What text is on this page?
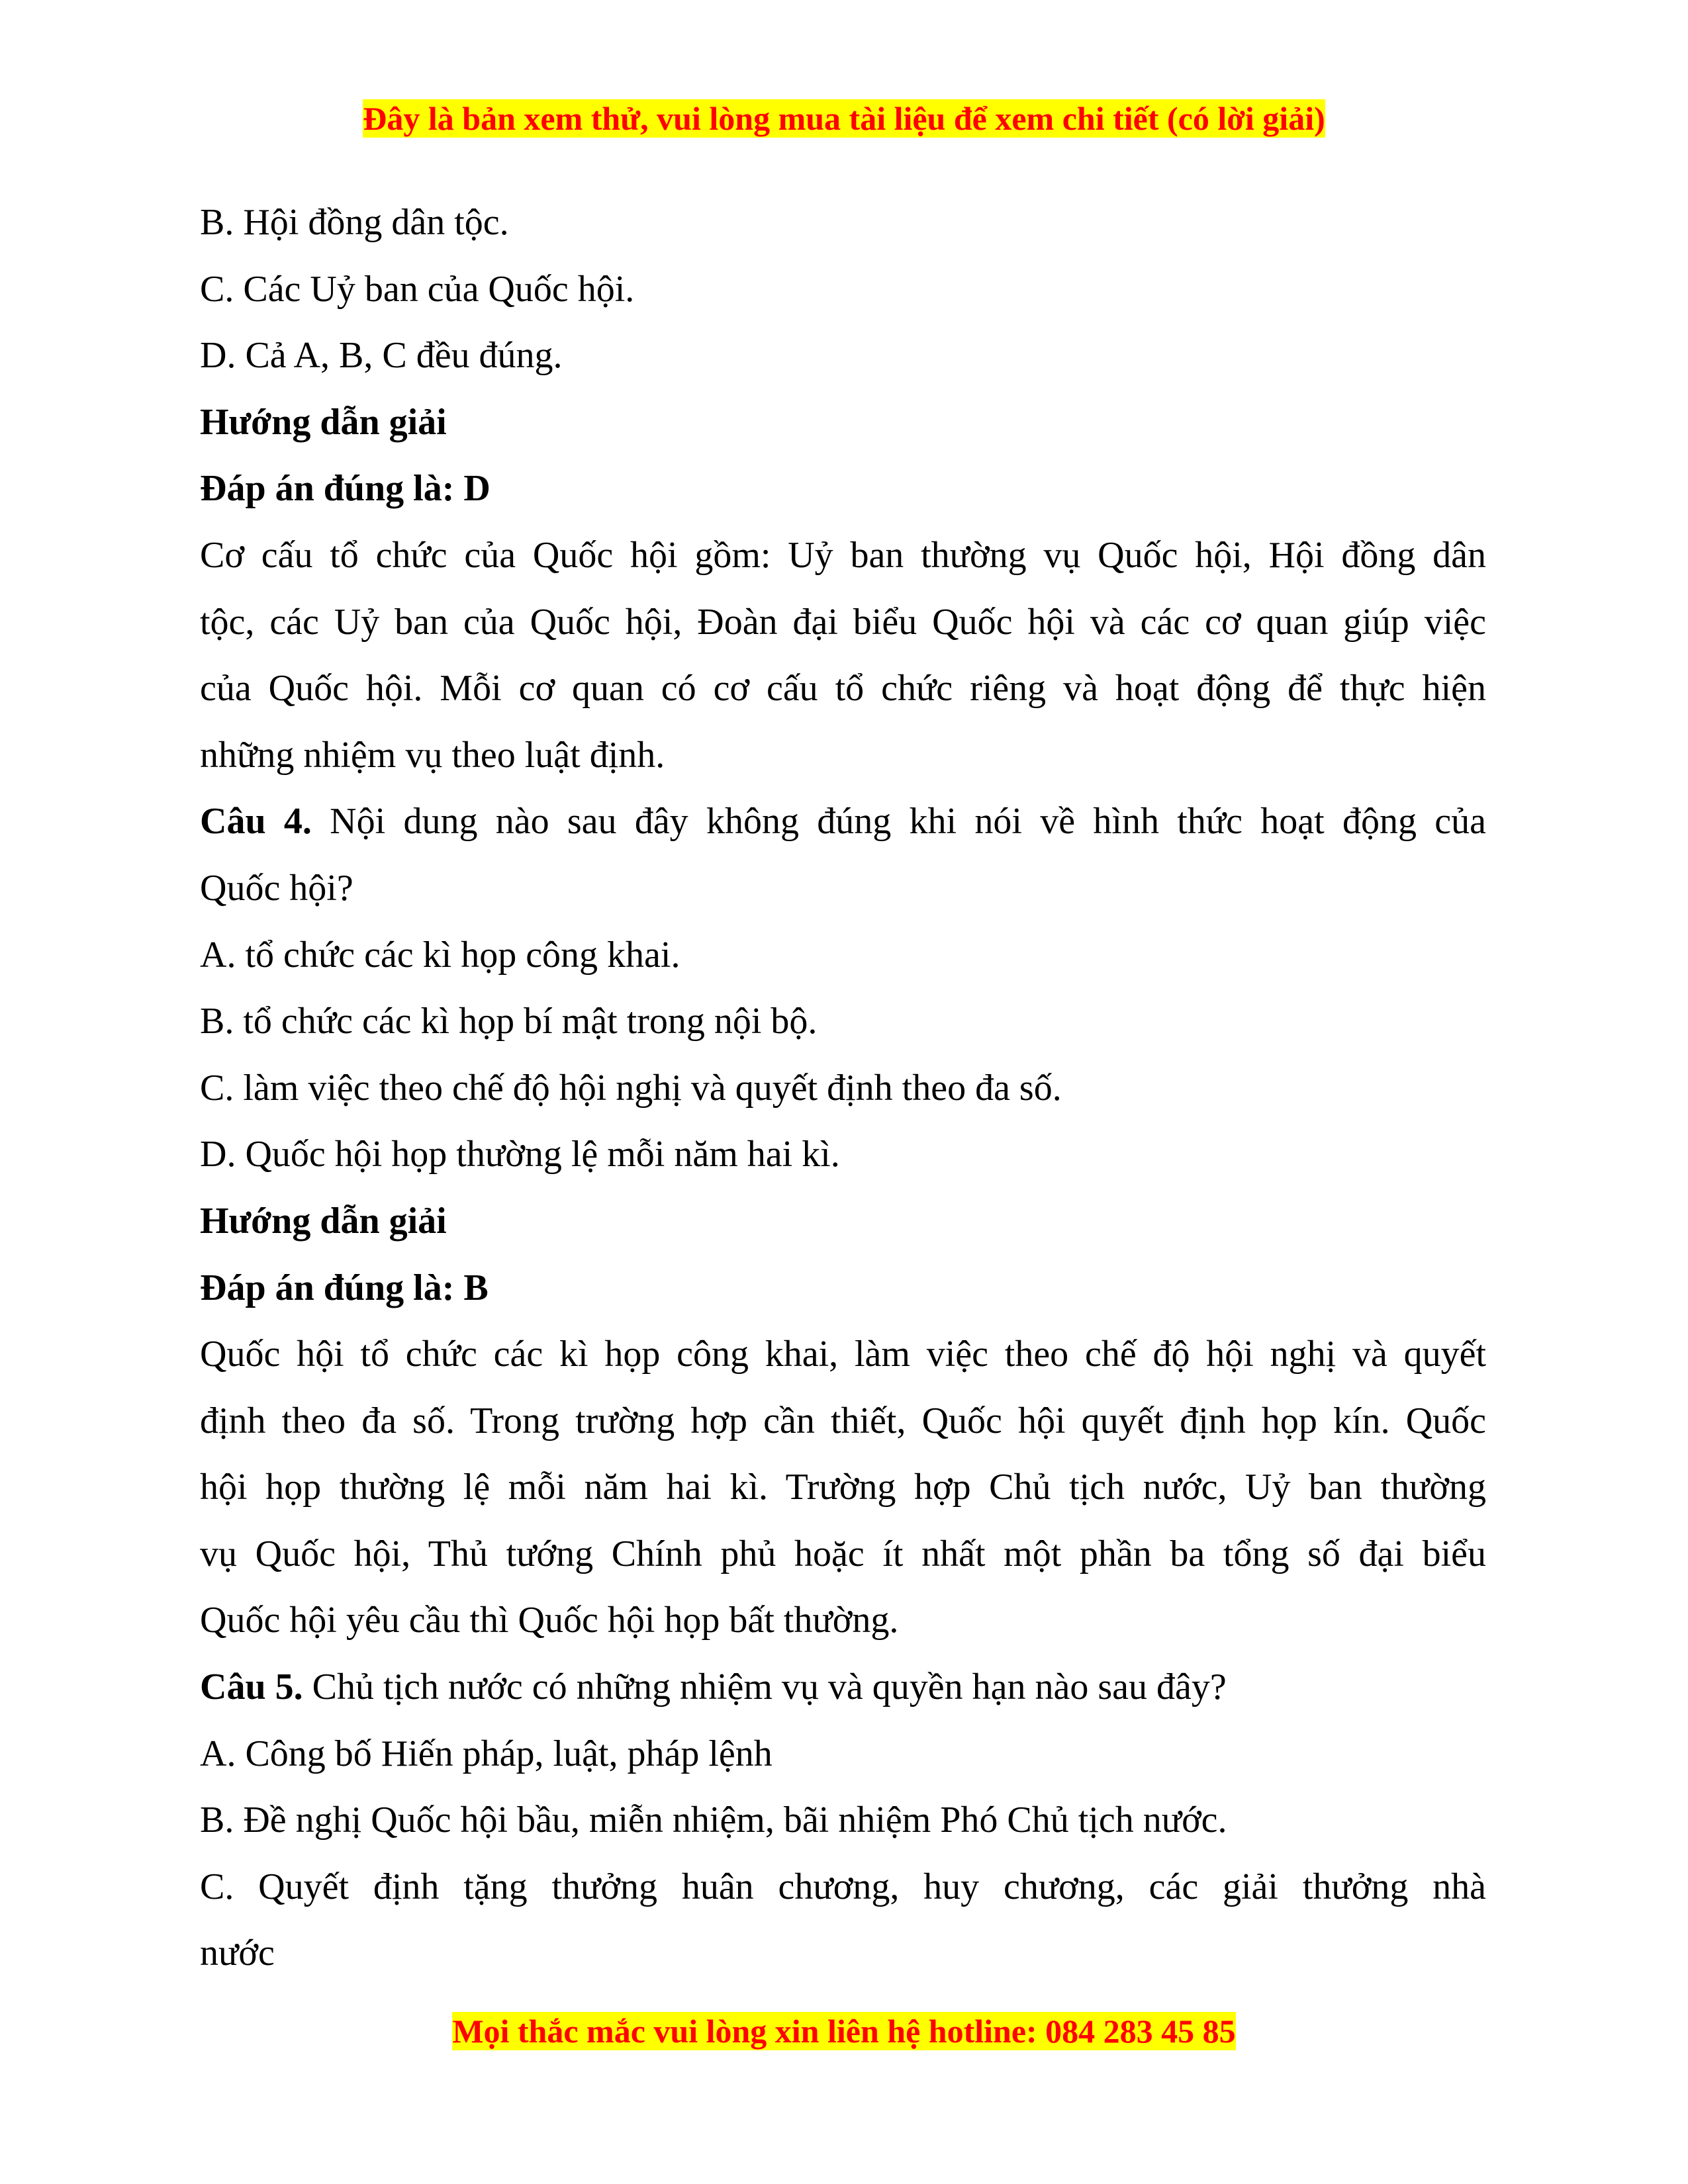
Đây là bản xem thử, vui lòng mua tài liệu để xem chi tiết (có lời giải)
B. Hội đồng dân tộc.
C. Các Uỷ ban của Quốc hội.
D. Cả A, B, C đều đúng.
Hướng dẫn giải
Đáp án đúng là: D
Cơ cấu tổ chức của Quốc hội gồm: Uỷ ban thường vụ Quốc hội, Hội đồng dân
tộc, các Uỷ ban của Quốc hội, Đoàn đại biểu Quốc hội và các cơ quan giúp việc
của Quốc hội. Mỗi cơ quan có cơ cấu tổ chức riêng và hoạt động để thực hiện
những nhiệm vụ theo luật định.
Câu 4. Nội dung nào sau đây không đúng khi nói về hình thức hoạt động của
Quốc hội?
A. tổ chức các kì họp công khai.
B. tổ chức các kì họp bí mật trong nội bộ.
C. làm việc theo chế độ hội nghị và quyết định theo đa số.
D. Quốc hội họp thường lệ mỗi năm hai kì.
Hướng dẫn giải
Đáp án đúng là: B
Quốc hội tổ chức các kì họp công khai, làm việc theo chế độ hội nghị và quyết
định theo đa số. Trong trường hợp cần thiết, Quốc hội quyết định họp kín. Quốc
hội họp thường lệ mỗi năm hai kì. Trường hợp Chủ tịch nước, Uỷ ban thường
vụ Quốc hội, Thủ tướng Chính phủ hoặc ít nhất một phần ba tổng số đại biểu
Quốc hội yêu cầu thì Quốc hội họp bất thường.
Câu 5. Chủ tịch nước có những nhiệm vụ và quyền hạn nào sau đây?
A. Công bố Hiến pháp, luật, pháp lệnh
B. Đề nghị Quốc hội bầu, miễn nhiệm, bãi nhiệm Phó Chủ tịch nước.
C. Quyết định tặng thưởng huân chương, huy chương, các giải thưởng nhà
nước
Mọi thắc mắc vui lòng xin liên hệ hotline: 084 283 45 85
